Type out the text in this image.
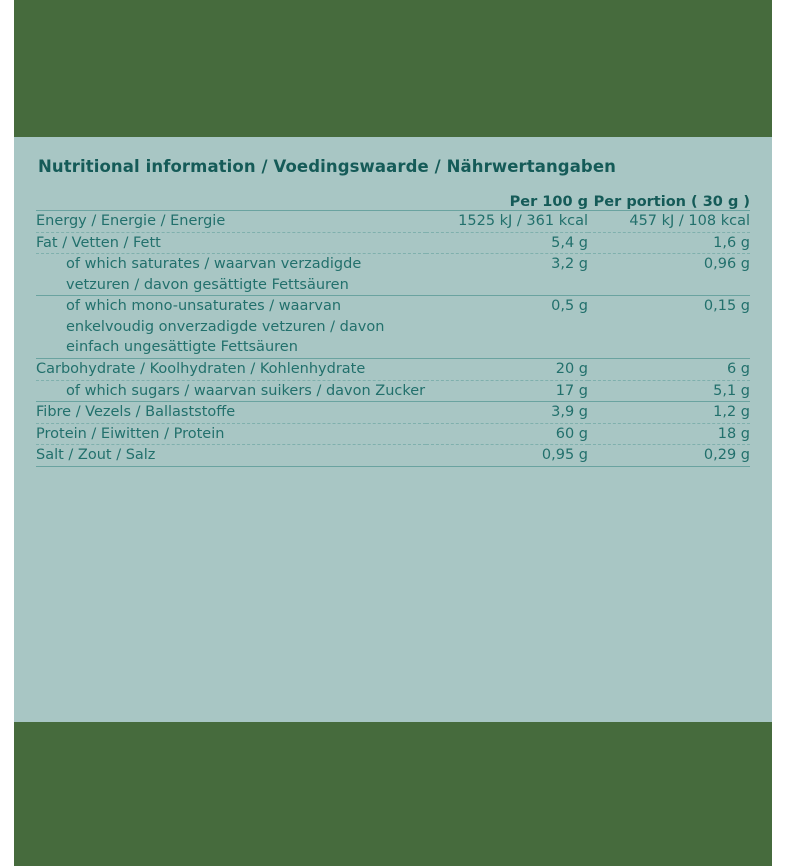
Nutritional information / Voedingswaarde / Nährwertangaben
	Per 100 g	Per portion ( 30 g )
Energy / Energie / Energie	1525 kJ / 361 kcal	457 kJ / 108 kcal
Fat / Vetten / Fett	5,4 g	1,6 g
of which saturates / waarvan verzadigde vetzuren / davon gesättigte Fettsäuren	3,2 g	0,96 g
of which mono-unsaturates / waarvan enkelvoudig onverzadigde vetzuren / davon einfach ungesättigte Fettsäuren	0,5 g	0,15 g
Carbohydrate / Koolhydraten / Kohlenhydrate	20 g	6 g
of which sugars / waarvan suikers / davon Zucker	17 g	5,1 g
Fibre / Vezels / Ballaststoffe	3,9 g	1,2 g
Protein / Eiwitten / Protein	60 g	18 g
Salt / Zout / Salz	0,95 g	0,29 g
